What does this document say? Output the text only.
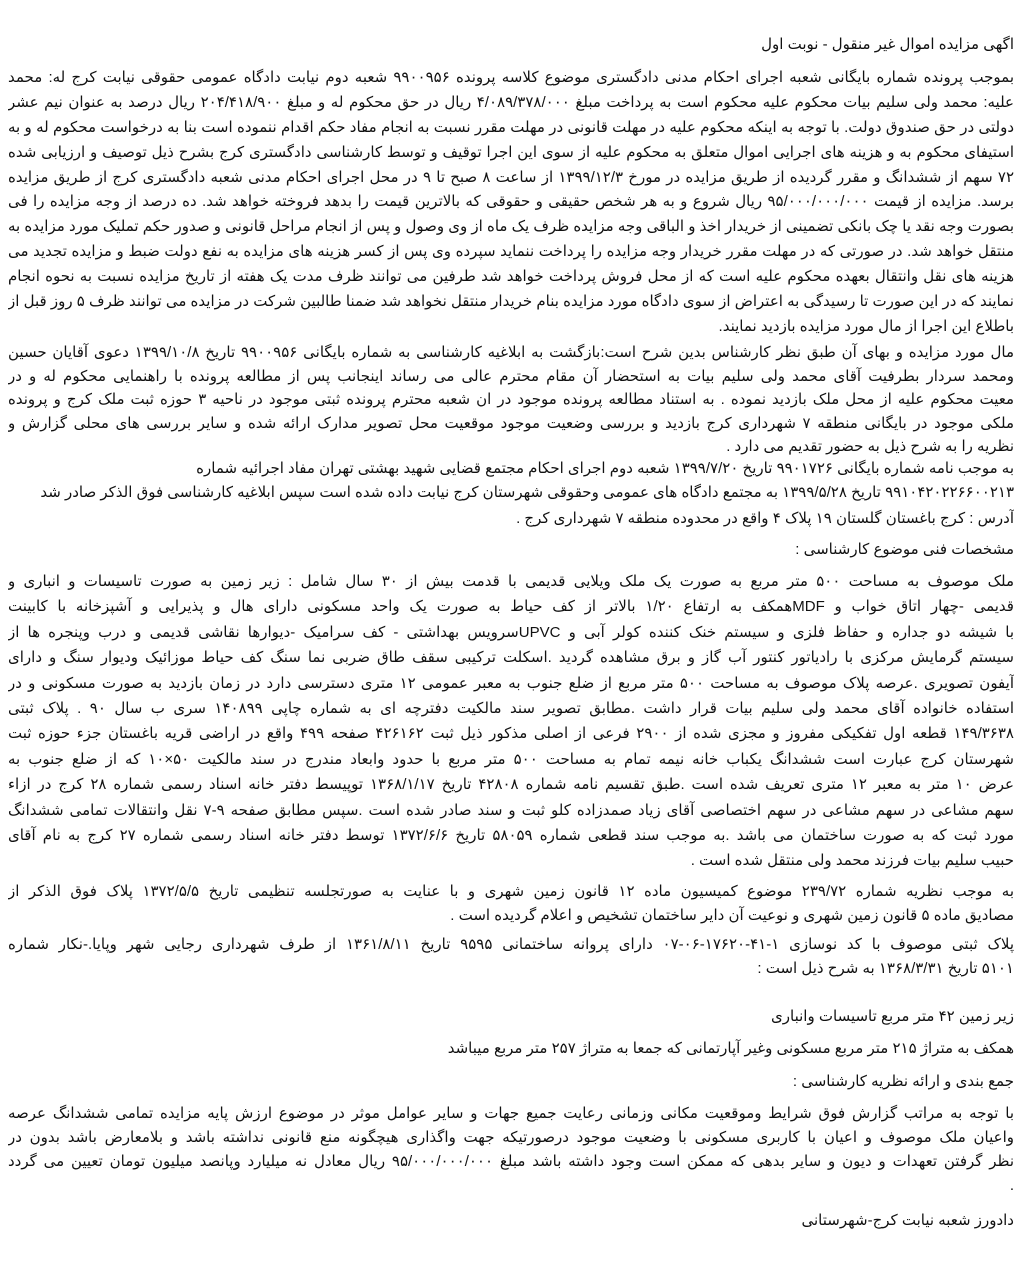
اگهی مزایده اموال غیر منقول - نوبت اول
بموجب پرونده شماره بایگانی شعبه اجرای احکام مدنی دادگستری موضوع کلاسه پرونده ۹۹۰۰۹۵۶ شعبه دوم نیابت دادگاه عمومی حقوقی نیابت کرج له: محمد
علیه: محمد ولی سلیم بیات محکوم علیه محکوم است به پرداخت مبلغ ۴/۰۸۹/۳۷۸/۰۰۰ ریال در حق محکوم له و مبلغ ۲۰۴/۴۱۸/۹۰۰ ریال درصد به عنوان نیم عشر
دولتی در حق صندوق دولت. با توجه به اینکه محکوم علیه در مهلت قانونی در مهلت مقرر نسبت به انجام مفاد حکم اقدام ننموده است بنا به درخواست محکوم له و به
استیفای محکوم به و هزینه های اجرایی اموال متعلق به محکوم علیه از سوی این اجرا توقیف و توسط کارشناسی دادگستری کرج بشرح ذیل توصیف و ارزیابی شده
۷۲ سهم از ششدانگ و مقرر گردیده از طریق مزایده در مورخ ۱۳۹۹/۱۲/۳ از ساعت ۸ صبح تا ۹ در محل اجرای احکام مدنی شعبه دادگستری کرج از طریق مزایده
برسد. مزایده از قیمت ۹۵/۰۰۰/۰۰۰/۰۰۰ ریال شروع و به هر شخص حقیقی و حقوقی که بالاترین قیمت را بدهد فروخته خواهد شد. ده درصد از وجه مزایده را فی
بصورت وجه نقد یا چک بانکی تضمینی از خریدار اخذ و الباقی وجه مزایده ظرف یک ماه از وی وصول و پس از انجام مراحل قانونی و صدور حکم تملیک مورد مزایده به
منتقل خواهد شد. در صورتی که در مهلت مقرر خریدار وجه مزایده را پرداخت ننماید سپرده وی پس از کسر هزینه های مزایده به نفع دولت ضبط و مزایده تجدید می
هزینه های نقل وانتقال بعهده محکوم علیه است که از محل فروش پرداخت خواهد شد طرفین می توانند ظرف مدت یک هفته از تاریخ مزایده نسبت به نحوه انجام
نمایند که در این صورت تا رسیدگی به اعتراض از سوی دادگاه مورد مزایده بنام خریدار منتقل نخواهد شد ضمنا طالبین شرکت در مزایده می توانند ظرف ۵ روز قبل از
باطلاع این اجرا از مال مورد مزایده بازدید نمایند.
مال مورد مزایده و بهای آن طبق نظر کارشناس بدین شرح است:بازگشت به ابلاغیه کارشناسی به شماره بایگانی ۹۹۰۰۹۵۶ تاریخ ۱۳۹۹/۱۰/۸ دعوی آقایان حسین
ومحمد سردار بطرفیت آقای محمد ولی سلیم بیات به استحضار آن مقام محترم عالی می رساند اینجانب پس از مطالعه پرونده با راهنمایی محکوم له و در
معیت محکوم علیه از محل ملک بازدید نموده . به استناد مطالعه پرونده موجود در ان شعبه محترم پرونده ثبتی موجود در ناحیه ۳ حوزه ثبت ملک کرج و پرونده
ملکی موجود در بایگانی منطقه ۷ شهرداری کرج بازدید و بررسی وضعیت موجود موقعیت محل تصویر مدارک ارائه شده و سایر بررسی های محلی گزارش و
نظریه را به شرح ذیل به حضور تقدیم می دارد .
به موجب نامه شماره بایگانی ۹۹۰۱۷۲۶ تاریخ ۱۳۹۹/۷/۲۰ شعبه دوم اجرای احکام مجتمع قضایی شهید بهشتی تهران مفاد اجرائیه شماره
۹۹۱۰۴۲۰۲۲۶۶۰۰۲۱۳ تاریخ ۱۳۹۹/۵/۲۸ به مجتمع دادگاه های عمومی وحقوقی شهرستان کرج نیابت داده شده است سپس ابلاغیه کارشناسی فوق الذکر صادر شد
آدرس : کرج باغستان گلستان ۱۹ پلاک ۴ واقع در محدوده منطقه ۷ شهرداری کرج .
مشخصات فنی موضوع کارشناسی :
ملک موصوف به مساحت ۵۰۰ متر مربع به صورت یک ملک ویلایی قدیمی با قدمت بیش از ۳۰ سال شامل : زیر زمین به صورت تاسیسات و انباری و
قدیمی -چهار اتاق خواب و MDFهمکف به ارتفاع ۱/۲۰ بالاتر از کف حیاط به صورت یک واحد مسکونی دارای هال و پذیرایی و آشپزخانه با کابینت
با شیشه دو جداره و حفاظ فلزی و سیستم خنک کننده کولر آبی و UPVCسرویس بهداشتی - کف سرامیک -دیوارها نقاشی قدیمی و درب وپنجره ها از
سیستم گرمایش مرکزی با رادیاتور کنتور آب گاز و برق مشاهده گردید .اسکلت ترکیبی سقف طاق ضربی نما سنگ کف حیاط موزائیک ودیوار سنگ و دارای
آیفون تصویری .عرصه پلاک موصوف به مساحت ۵۰۰ متر مربع از ضلع جنوب به معبر عمومی ۱۲ متری دسترسی دارد در زمان بازدید به صورت مسکونی و در
استفاده خانواده آقای محمد ولی سلیم بیات قرار داشت .مطابق تصویر سند مالکیت دفترچه ای به شماره چاپی ۱۴۰۸۹۹ سری ب سال ۹۰ . پلاک ثبتی
۱۴۹/۳۶۳۸ قطعه اول تفکیکی مفروز و مجزی شده از ۲۹۰۰ فرعی از اصلی مذکور ذیل ثبت ۴۲۶۱۶۲ صفحه ۴۹۹ واقع در اراضی قریه باغستان جزء حوزه ثبت
شهرستان کرج عبارت است ششدانگ یکباب خانه نیمه تمام به مساحت ۵۰۰ متر مربع با حدود وابعاد مندرج در سند مالکیت ۵۰×۱۰ که از ضلع جنوب به
عرض ۱۰ متر به معبر ۱۲ متری تعریف شده است .طبق تقسیم نامه شماره ۴۲۸۰۸ تاریخ ۱۳۶۸/۱/۱۷ توپیسط دفتر خانه اسناد رسمی شماره ۲۸ کرج در ازاء
سهم مشاعی در سهم مشاعی در سهم اختصاصی آقای زیاد صمدزاده کلو ثبت و سند صادر شده است .سپس مطابق صفحه ۹-۷ نقل وانتقالات تمامی ششدانگ
مورد ثبت که به صورت ساختمان می باشد .به موجب سند قطعی شماره ۵۸۰۵۹ تاریخ ۱۳۷۲/۶/۶ توسط دفتر خانه اسناد رسمی شماره ۲۷ کرج به نام آقای
حبیب سلیم بیات فرزند محمد ولی منتقل شده است .
به موجب نظریه شماره ۲۳۹/۷۲ موضوع کمیسیون ماده ۱۲ قانون زمین شهری و با عنایت به صورتجلسه تنظیمی تاریخ ۱۳۷۲/۵/۵ پلاک فوق الذکر از
مصادیق ماده ۵ قانون زمین شهری و نوعیت آن دایر ساختمان تشخیص و اعلام گردیده است .
پلاک ثبتی موصوف با کد نوسازی ۱-۴۱-۱۷۶۲۰-۰۶-۰۷ دارای پروانه ساختمانی ۹۵۹۵ تاریخ ۱۳۶۱/۸/۱۱ از طرف شهرداری رجایی شهر وپایا.-نکار شماره
۵۱۰۱ تاریخ ۱۳۶۸/۳/۳۱ به شرح ذیل است :
زیر زمین ۴۲ متر مربع تاسیسات وانباری
همکف به متراژ ۲۱۵ متر مربع مسکونی وغیر آپارتمانی که جمعا به متراژ ۲۵۷ متر مربع میباشد
جمع بندی و ارائه نظریه کارشناسی :
با توجه به مراتب گزارش فوق شرایط وموقعیت مکانی وزمانی رعایت جمیع جهات و سایر عوامل موثر در موضوع ارزش پایه مزایده تمامی ششدانگ عرصه
واعیان ملک موصوف و اعیان با کاربری مسکونی با وضعیت موجود درصورتیکه جهت واگذاری هیچگونه منع قانونی نداشته باشد و بلامعارض باشد بدون در
نظر گرفتن تعهدات و دیون و سایر بدهی که ممکن است وجود داشته باشد مبلغ ۹۵/۰۰۰/۰۰۰/۰۰۰ ریال معادل نه میلیارد وپانصد میلیون تومان تعیین می گردد
.
دادورز شعبه نیابت کرج-شهرستانی
